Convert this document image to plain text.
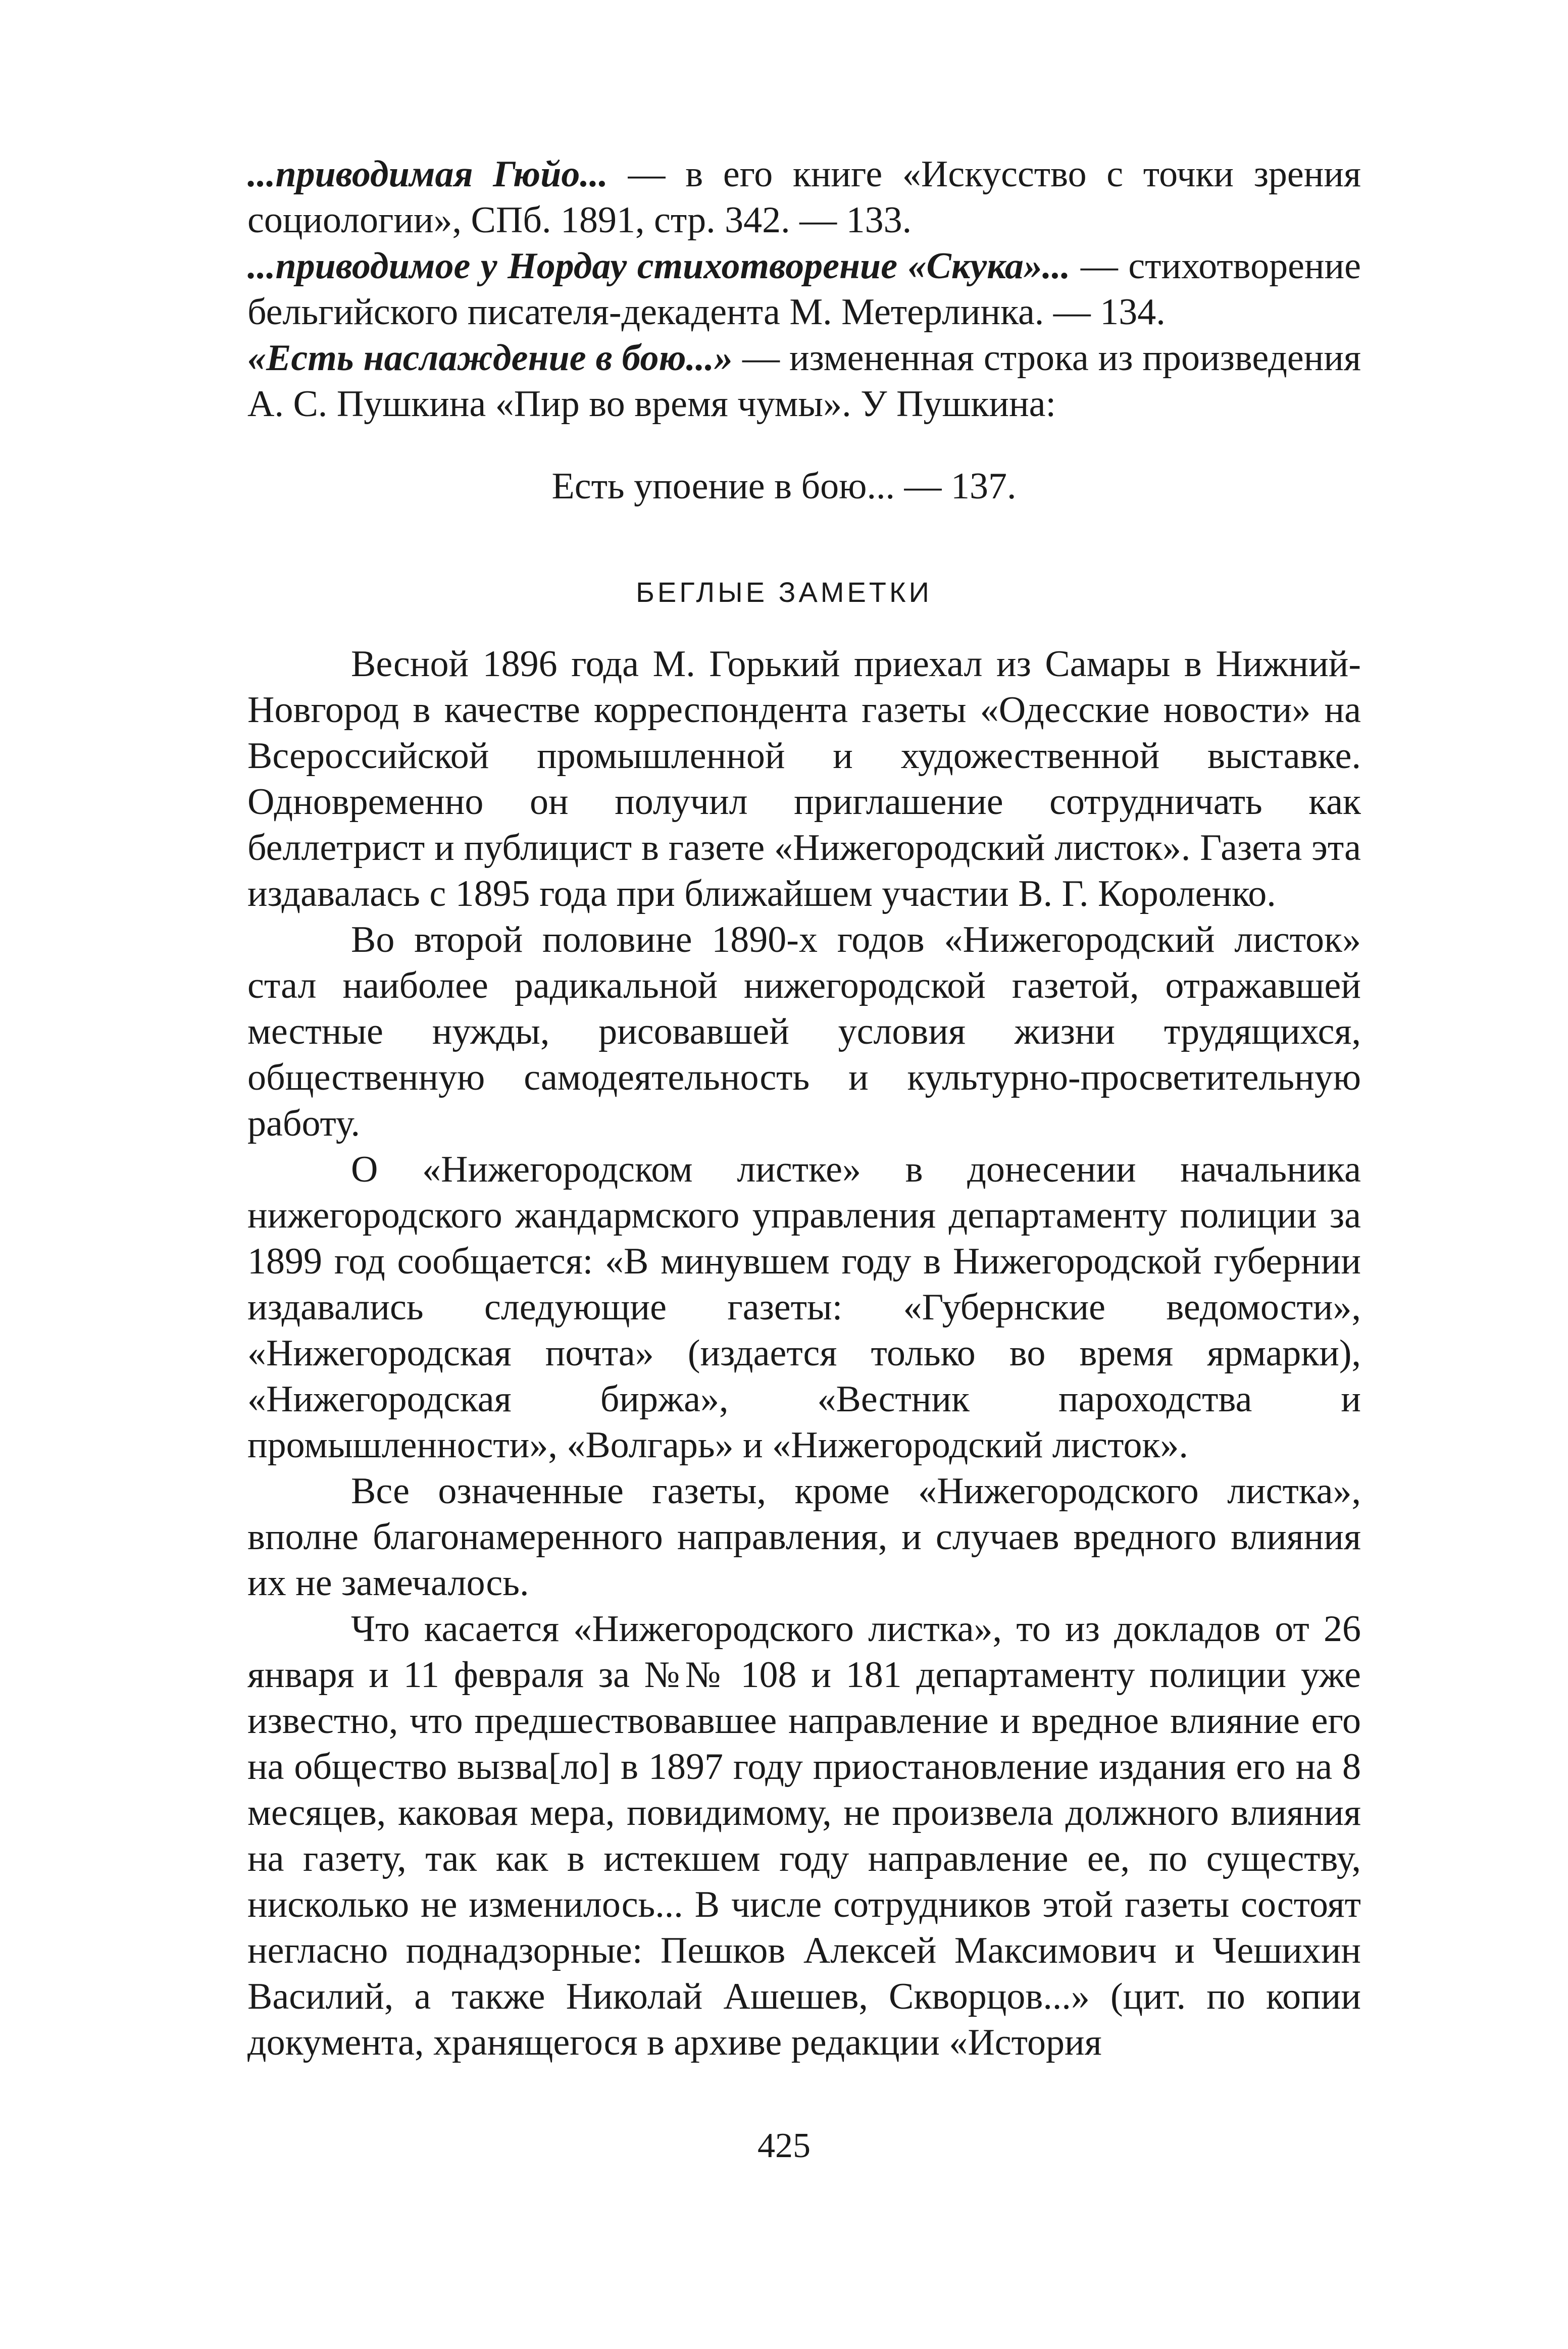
...приводимая Гюйо... — в его книге «Искусство с точки зрения социологии», СПб. 1891, стр. 342. — 133.

...приводимое у Нордау стихотворение «Скука»... — стихотворение бельгийского писателя-декадента М. Метерлинка. — 134.

«Есть наслаждение в бою...» — измененная строка из произведения А. С. Пушкина «Пир во время чумы». У Пушкина:

Есть упоение в бою... — 137.
БЕГЛЫЕ ЗАМЕТКИ

Весной 1896 года М. Горький приехал из Самары в Нижний-Новгород в качестве корреспондента газеты «Одесские новости» на Всероссийской промышленной и художественной выставке. Одновременно он получил приглашение сотрудничать как беллетрист и публицист в газете «Нижегородский листок». Газета эта издавалась с 1895 года при ближайшем участии В. Г. Короленко.

Во второй половине 1890-х годов «Нижегородский листок» стал наиболее радикальной нижегородской газетой, отражавшей местные нужды, рисовавшей условия жизни трудящихся, общественную самодеятельность и культурно-просветительную работу.

О «Нижегородском листке» в донесении начальника нижегородского жандармского управления департаменту полиции за 1899 год сообщается: «В минувшем году в Нижегородской губернии издавались следующие газеты: «Губернские ведомости», «Нижегородская почта» (издается только во время ярмарки), «Нижегородская биржа», «Вестник пароходства и промышленности», «Волгарь» и «Нижегородский листок».

Все означенные газеты, кроме «Нижегородского листка», вполне благонамеренного направления, и случаев вредного влияния их не замечалось.

Что касается «Нижегородского листка», то из докладов от 26 января и 11 февраля за №№ 108 и 181 департаменту полиции уже известно, что предшествовавшее направление и вредное влияние его на общество вызва[ло] в 1897 году приостановление издания его на 8 месяцев, каковая мера, повидимому, не произвела должного влияния на газету, так как в истекшем году направление ее, по существу, нисколько не изменилось... В числе сотрудников этой газеты состоят негласно поднадзорные: Пешков Алексей Максимович и Чешихин Василий, а также Николай Ашешев, Скворцов...» (цит. по копии документа, хранящегося в архиве редакции «История

425
